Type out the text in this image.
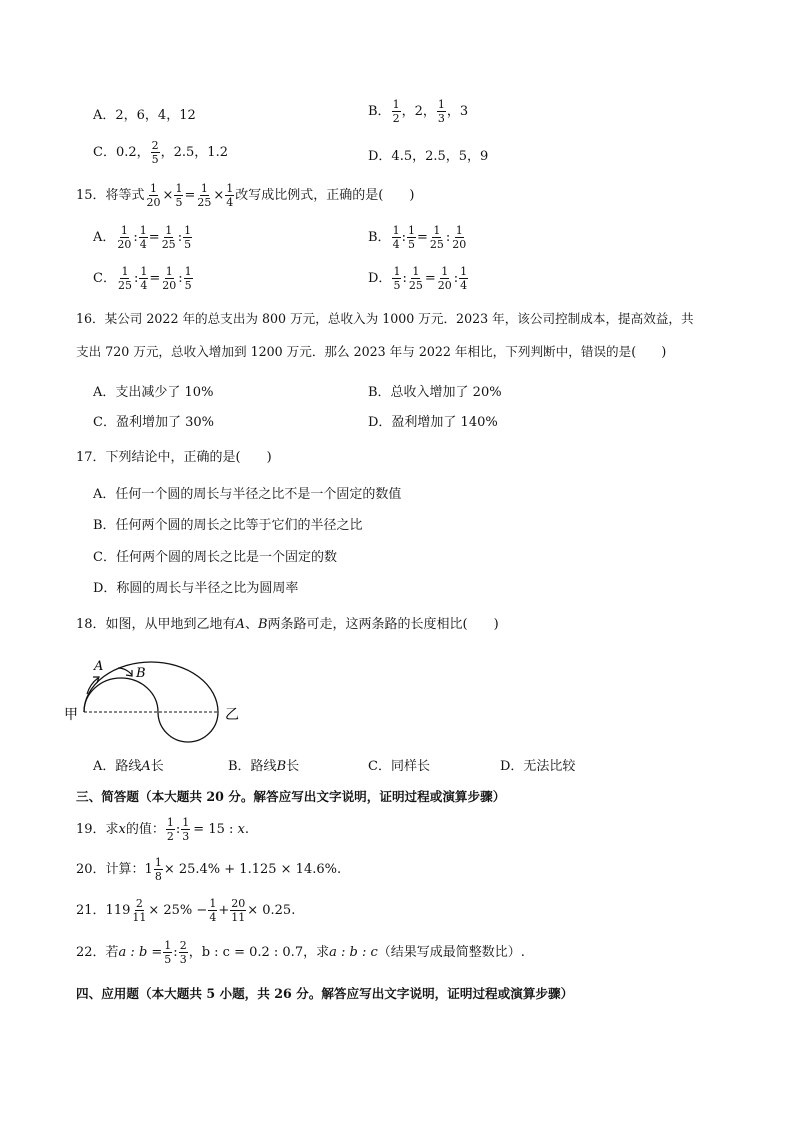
A．2，6，4，12	B． $\frac{1}{2}$ ，2， $\frac{1}{3}$ ，3
C．0.2， $\frac{2}{5}$ ，2.5，1.2	D．4.5，2.5，5，9
15．将等式 $\frac{1}{20} \times \frac{1}{5} = \frac{1}{25} \times \frac{1}{4}$ 改写成比例式，正确的是(　　)
A． $\frac{1}{20}$ : $\frac{1}{4} = \frac{1}{25}$ : $\frac{1}{5}$	B． $\frac{1}{4}$ : $\frac{1}{5} = \frac{1}{25}$ : $\frac{1}{20}$
C． $\frac{1}{25}$ : $\frac{1}{4} = \frac{1}{20}$ : $\frac{1}{5}$	D． $\frac{1}{5}$ : $\frac{1}{25} = \frac{1}{20}$ : $\frac{1}{4}$
16．某公司 2022 年的总支出为 800 万元，总收入为 1000 万元．2023 年，该公司控制成本，提高效益，共
支出 720 万元，总收入增加到 1200 万元．那么 2023 年与 2022 年相比，下列判断中，错误的是(　　)
A．支出减少了 10%	B．总收入增加了 20%
C．盈利增加了 30%	D．盈利增加了 140%
17．下列结论中，正确的是(　　)
A．任何一个圆的周长与半径之比不是一个固定的数值
B．任何两个圆的周长之比等于它们的半径之比
C．任何两个圆的周长之比是一个固定的数
D．称圆的周长与半径之比为圆周率
18．如图，从甲地到乙地有A、B两条路可走，这两条路的长度相比(　　)
A	B
甲	乙
A．路线A长	B．路线B长	C．同样长	D．无法比较
三、简答题（本大题共 20 分。解答应写出文字说明，证明过程或演算步骤）
19．求 x 的值： $\frac{1}{2}$ : $\frac{1}{3} = 15$ :
x .
20．计算： $1 \frac{1}{8} \times 25.4\% + 1.125 \times 14.6\%$ .
21．$119 \frac{2}{11} \times 25\% - \frac{1}{4} + \frac{20}{11} \times 0.25$ .
22．若 a : $b = \frac{1}{5}$ : $\frac{2}{3}$ ，b : c = 0.2 : 0.7 ，求 a : b : c （结果写成最简整数比）.
四、应用题（本大题共 5 小题，共 26 分。解答应写出文字说明，证明过程或演算步骤）
